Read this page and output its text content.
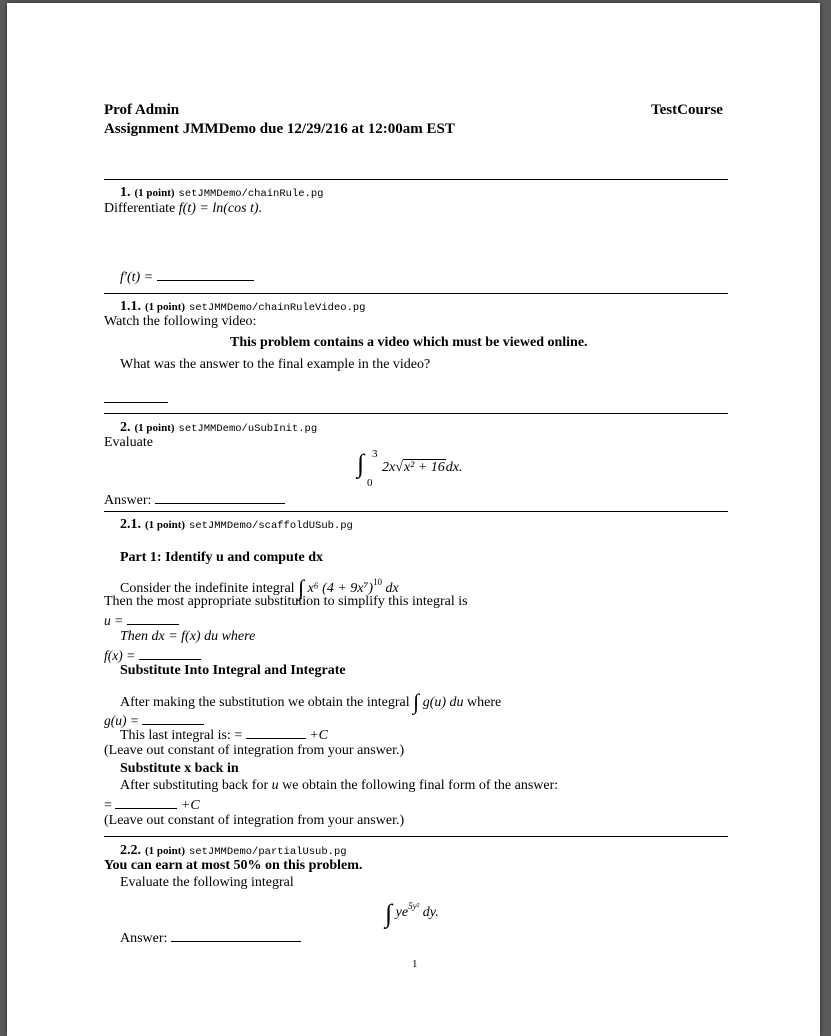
Prof Admin	TestCourse
Assignment JMMDemo due 12/29/216 at 12:00am EST
1. (1 point) setJMMDemo/chainRule.pg
Differentiate f(t) = ln(cos t).
f′(t) =
1.1. (1 point) setJMMDemo/chainRuleVideo.pg
Watch the following video:
This problem contains a video which must be viewed online.
What was the answer to the final example in the video?
2. (1 point) setJMMDemo/uSubInit.pg
Evaluate
∫ 3
0
2x√x² + 16dx.
Answer:
2.1. (1 point) setJMMDemo/scaffoldUSub.pg
Part 1: Identify u and compute dx
Consider the indefinite integral ∫ x⁶ $(4 + 9x^7)^{10}$ dx
Then the most appropriate substitution to simplify this integral is
u =
Then dx = f(x) du where
f(x) =
Substitute Into Integral and Integrate
After making the substitution we obtain the integral ∫ g(u) du where
g(u) =
This last integral is: =	+C
(Leave out constant of integration from your answer.)
Substitute x back in
After substituting back for u we obtain the following final form of the answer:
=	+C
(Leave out constant of integration from your answer.)
2.2. (1 point) setJMMDemo/partialUsub.pg
You can earn at most 50% on this problem.
Evaluate the following integral
∫ $ye^{5y^2}$ dy.
Answer:
1
